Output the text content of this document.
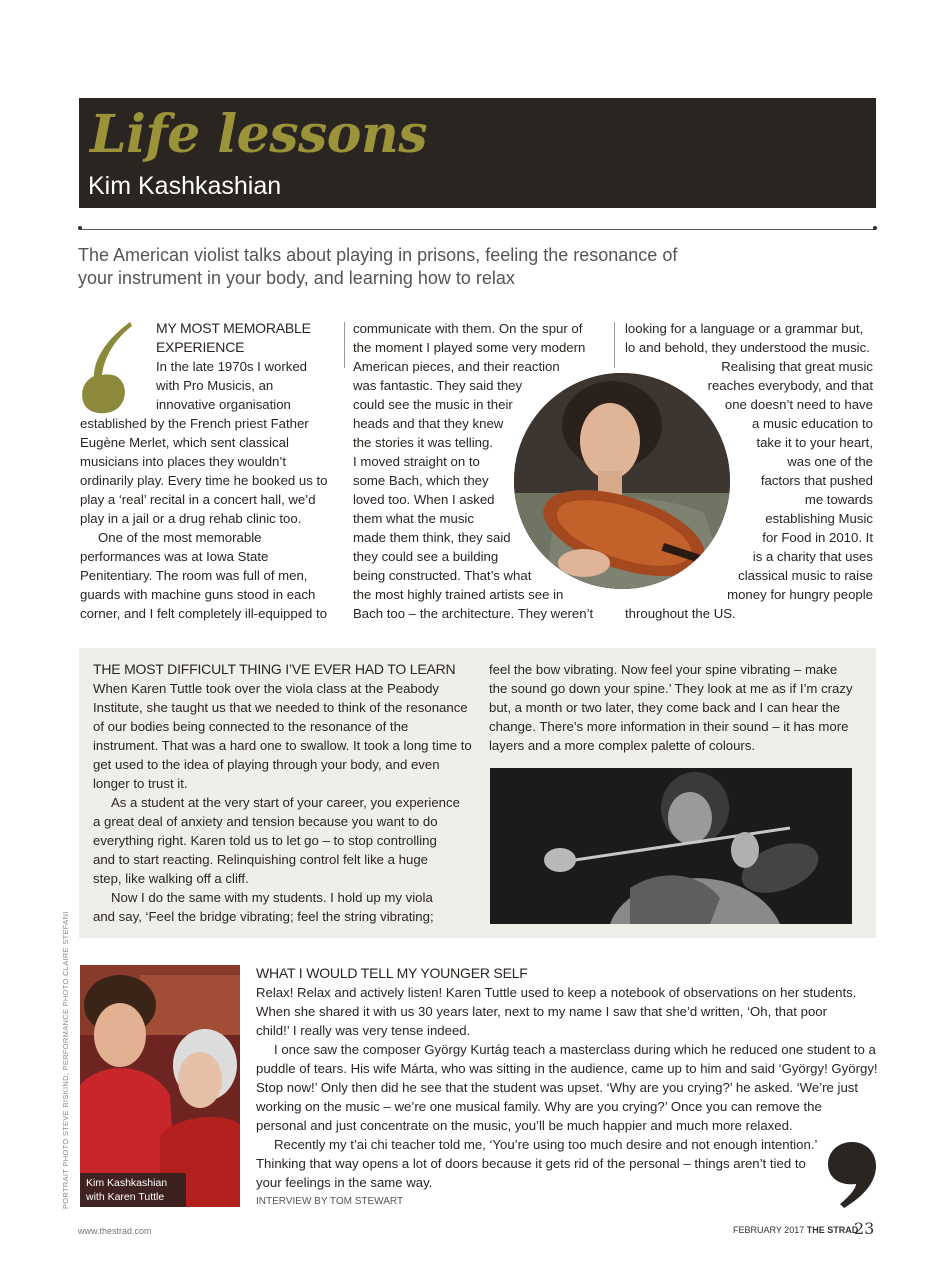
Life lessons
Kim Kashkashian
The American violist talks about playing in prisons, feeling the resonance of your instrument in your body, and learning how to relax
MY MOST MEMORABLE EXPERIENCE

In the late 1970s I worked

with Pro Musicis, an

innovative organisation

established by the French priest Father

Eugène Merlet, which sent classical

musicians into places they wouldn’t

ordinarily play. Every time he booked us to

play a ‘real’ recital in a concert hall, we’d

play in a jail or a drug rehab clinic too.

One of the most memorable

performances was at Iowa State

Penitentiary. The room was full of men,

guards with machine guns stood in each

corner, and I felt completely ill-equipped to

communicate with them. On the spur of

the moment I played some very modern

American pieces, and their reaction

was fantastic. They said they

could see the music in their

heads and that they knew

the stories it was telling.

I moved straight on to

some Bach, which they

loved too. When I asked

them what the music

made them think, they said

they could see a building

being constructed. That’s what

the most highly trained artists see in

Bach too – the architecture. They weren’t

looking for a language or a grammar but,

lo and behold, they understood the music.

Realising that great music

reaches everybody, and that

one doesn’t need to have

a music education to

take it to your heart,

was one of the

factors that pushed

me towards

establishing Music

for Food in 2010. It

is a charity that uses

classical music to raise

money for hungry people

throughout the US.

THE MOST DIFFICULT THING I’VE EVER HAD TO LEARN

When Karen Tuttle took over the viola class at the Peabody

Institute, she taught us that we needed to think of the resonance

of our bodies being connected to the resonance of the

instrument. That was a hard one to swallow. It took a long time to

get used to the idea of playing through your body, and even

longer to trust it.

As a student at the very start of your career, you experience

a great deal of anxiety and tension because you want to do

everything right. Karen told us to let go – to stop controlling

and to start reacting. Relinquishing control felt like a huge

step, like walking off a cliff.

Now I do the same with my students. I hold up my viola

and say, ‘Feel the bridge vibrating; feel the string vibrating;

feel the bow vibrating. Now feel your spine vibrating – make

the sound go down your spine.’ They look at me as if I’m crazy

but, a month or two later, they come back and I can hear the

change. There’s more information in their sound – it has more

layers and a more complex palette of colours.

PORTRAIT PHOTO STEVE RISKIND; PERFORMANCE PHOTO CLAIRE STEFANI Kim Kashkashian
with Karen Tuttle
WHAT I WOULD TELL MY YOUNGER SELF

Relax! Relax and actively listen! Karen Tuttle used to keep a notebook of observations on her students.

When she shared it with us 30 years later, next to my name I saw that she’d written, ‘Oh, that poor

child!’ I really was very tense indeed.

I once saw the composer György Kurtág teach a masterclass during which he reduced one student to a

puddle of tears. His wife Márta, who was sitting in the audience, came up to him and said ‘György! György!

Stop now!’ Only then did he see that the student was upset. ‘Why are you crying?’ he asked. ‘We’re just

working on the music – we’re one musical family. Why are you crying?’ Once you can remove the

personal and just concentrate on the music, you’ll be much happier and much more relaxed.

Recently my t’ai chi teacher told me, ‘You’re using too much desire and not enough intention.’

Thinking that way opens a lot of doors because it gets rid of the personal – things aren’t tied to

your feelings in the same way.

INTERVIEW BY TOM STEWART

www.thestrad.com	FEBRUARY 2017 THE STRAD
23
